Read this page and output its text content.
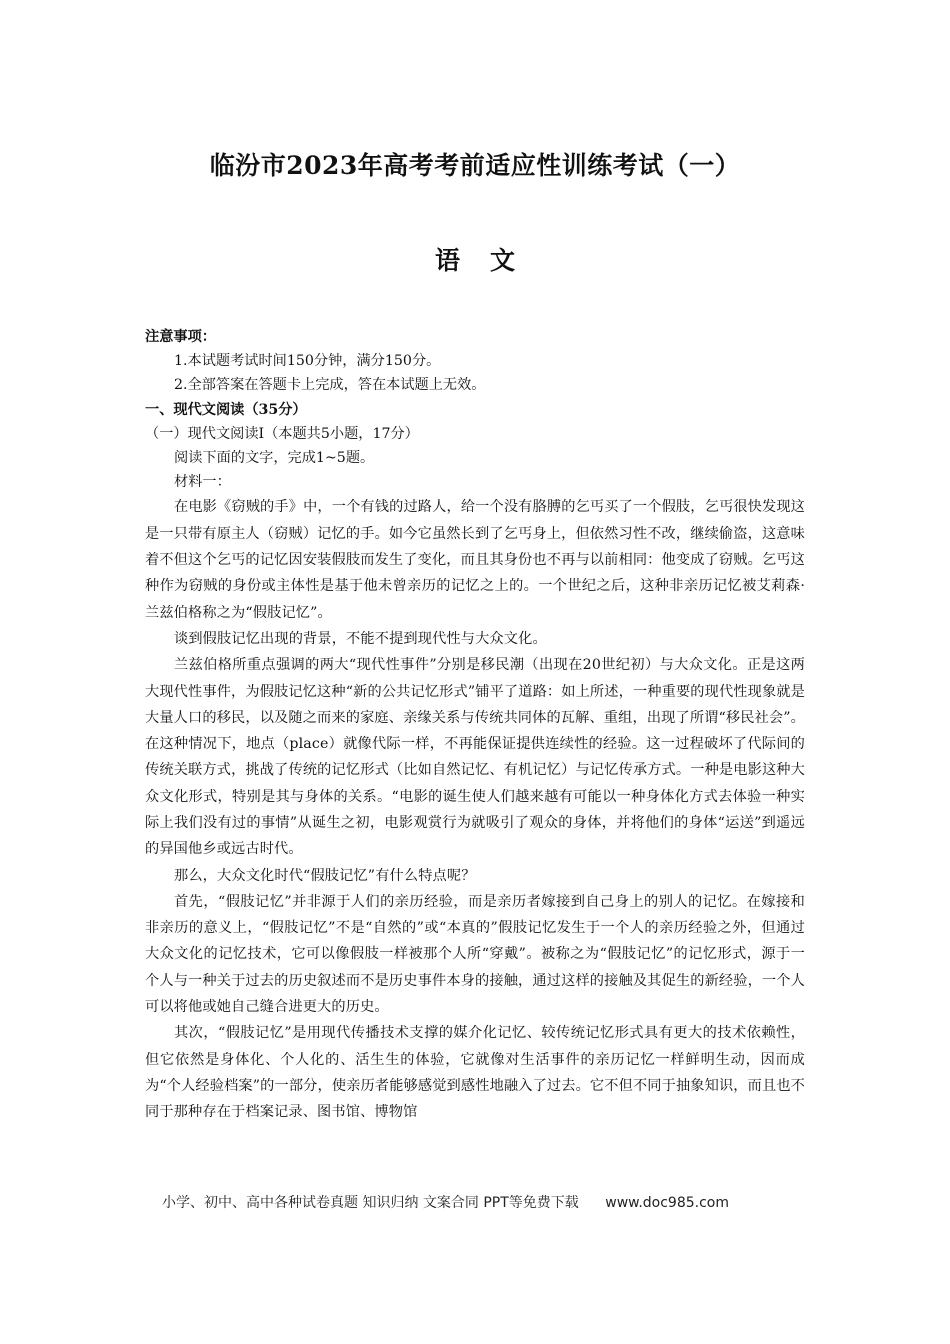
临汾市2023年高考考前适应性训练考试（一）
语文

注意事项：

1.本试题考试时间150分钟，满分150分。

2.全部答案在答题卡上完成，答在本试题上无效。

一、现代文阅读（35分）

（一）现代文阅读Ⅰ（本题共5小题，17分）

阅读下面的文字，完成1~5题。

材料一：

在电影《窃贼的手》中，一个有钱的过路人，给一个没有胳膊的乞丐买了一个假肢，乞丐很快发现这是一只带有原主人（窃贼）记忆的手。如今它虽然长到了乞丐身上，但依然习性不改，继续偷盗，这意味着不但这个乞丐的记忆因安装假肢而发生了变化，而且其身份也不再与以前相同：他变成了窃贼。乞丐这种作为窃贼的身份或主体性是基于他未曾亲历的记忆之上的。一个世纪之后，这种非亲历记忆被艾莉森·兰兹伯格称之为“假肢记忆”。

谈到假肢记忆出现的背景，不能不提到现代性与大众文化。

兰兹伯格所重点强调的两大“现代性事件”分别是移民潮（出现在20世纪初）与大众文化。正是这两大现代性事件，为假肢记忆这种“新的公共记忆形式”铺平了道路：如上所述，一种重要的现代性现象就是大量人口的移民，以及随之而来的家庭、亲缘关系与传统共同体的瓦解、重组，出现了所谓“移民社会”。在这种情况下，地点（place）就像代际一样，不再能保证提供连续性的经验。这一过程破坏了代际间的传统关联方式，挑战了传统的记忆形式（比如自然记忆、有机记忆）与记忆传承方式。一种是电影这种大众文化形式，特别是其与身体的关系。“电影的诞生使人们越来越有可能以一种身体化方式去体验一种实际上我们没有过的事情”从诞生之初，电影观赏行为就吸引了观众的身体，并将他们的身体“运送”到遥远的异国他乡或远古时代。

那么，大众文化时代“假肢记忆”有什么特点呢？

首先，“假肢记忆”并非源于人们的亲历经验，而是亲历者嫁接到自己身上的别人的记忆。在嫁接和非亲历的意义上，“假肢记忆”不是“自然的”或“本真的”假肢记忆发生于一个人的亲历经验之外，但通过大众文化的记忆技术，它可以像假肢一样被那个人所“穿戴”。被称之为“假肢记忆”的记忆形式，源于一个人与一种关于过去的历史叙述而不是历史事件本身的接触，通过这样的接触及其促生的新经验，一个人可以将他或她自己缝合进更大的历史。

其次，“假肢记忆”是用现代传播技术支撑的媒介化记忆、较传统记忆形式具有更大的技术依赖性，但它依然是身体化、个人化的、活生生的体验，它就像对生活事件的亲历记忆一样鲜明生动，因而成为“个人经验档案”的一部分，使亲历者能够感觉到感性地融入了过去。它不但不同于抽象知识，而且也不同于那种存在于档案记录、图书馆、博物馆

小学、初中、高中各种试卷真题 知识归纳 文案合同 PPT等免费下载 www.doc985.com
